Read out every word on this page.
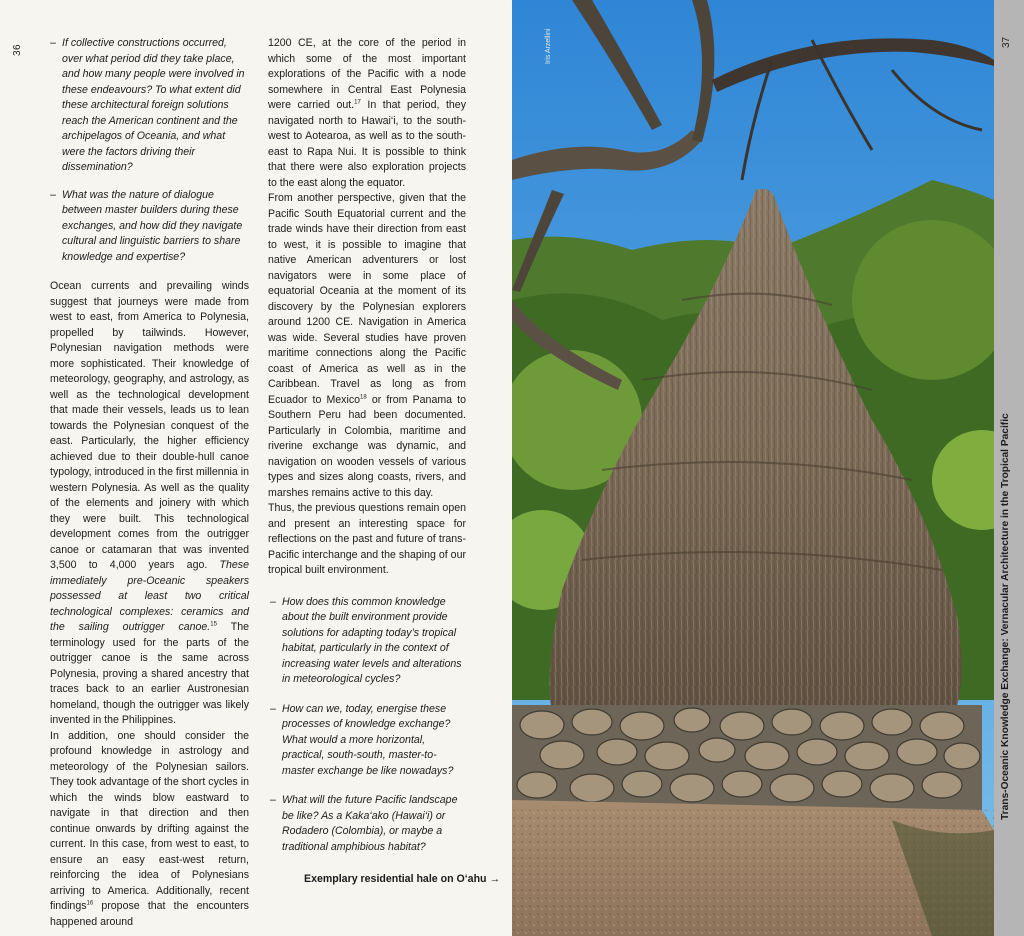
36
– If collective constructions occurred, over what period did they take place, and how many people were involved in these endeavours? To what extent did these architectural foreign solutions reach the American continent and the archipelagos of Oceania, and what were the factors driving their dissemination?
– What was the nature of dialogue between master builders during these exchanges, and how did they navigate cultural and linguistic barriers to share knowledge and expertise?

Ocean currents and prevailing winds suggest that journeys were made from west to east, from America to Polynesia, propelled by tailwinds. However, Polynesian navigation methods were more sophisticated. Their knowledge of meteorology, geography, and astrology, as well as the technological development that made their vessels, leads us to lean towards the Polynesian conquest of the east. Particularly, the higher efficiency achieved due to their double-hull canoe typology, introduced in the first millennia in western Polynesia. As well as the quality of the elements and joinery with which they were built. This technological development comes from the outrigger canoe or catamaran that was invented 3,500 to 4,000 years ago. These immediately pre-Oceanic speakers possessed at least two critical technological complexes: ceramics and the sailing outrigger canoe.$^{15}$ The terminology used for the parts of the outrigger canoe is the same across Polynesia, proving a shared ancestry that traces back to an earlier Austronesian homeland, though the outrigger was likely invented in the Philippines.

In addition, one should consider the profound knowledge in astrology and meteorology of the Polynesian sailors. They took advantage of the short cycles in which the winds blow eastward to navigate in that direction and then continue onwards by drifting against the current. In this case, from west to east, to ensure an easy east-west return, reinforcing the idea of Polynesians arriving to America. Additionally, recent findings$^{16}$ propose that the encounters happened around

1200 CE, at the core of the period in which some of the most important explorations of the Pacific with a node somewhere in Central East Polynesia were carried out.$^{17}$ In that period, they navigated north to Hawai‘i, to the south-west to Aotearoa, as well as to the south-east to Rapa Nui. It is possible to think that there were also exploration projects to the east along the equator.

From another perspective, given that the Pacific South Equatorial current and the trade winds have their direction from east to west, it is possible to imagine that native American adventurers or lost navigators were in some place of equatorial Oceania at the moment of its discovery by the Polynesian explorers around 1200 CE. Navigation in America was wide. Several studies have proven maritime connections along the Pacific coast of America as well as in the Caribbean. Travel as long as from Ecuador to Mexico$^{18}$ or from Panama to Southern Peru had been documented. Particularly in Colombia, maritime and riverine exchange was dynamic, and navigation on wooden vessels of various types and sizes along coasts, rivers, and marshes remains active to this day.

Thus, the previous questions remain open and present an interesting space for reflections on the past and future of trans-Pacific interchange and the shaping of our tropical built environment.

– How does this common knowledge about the built environment provide solutions for adapting today’s tropical habitat, particularly in the context of increasing water levels and alterations in meteorological cycles?
– How can we, today, energise these processes of knowledge exchange? What would a more horizontal, practical, south-south, master-to-master exchange be like nowadays?
– What will the future Pacific landscape be like? As a Kaka‘ako (Hawai‘i) or Rodadero (Colombia), or maybe a traditional amphibious habitat?
Exemplary residential hale on O‘ahu →
Iris Arzellini	37
Trans-Oceanic Knowledge Exchange: Vernacular Architecture in the Tropical Pacific
